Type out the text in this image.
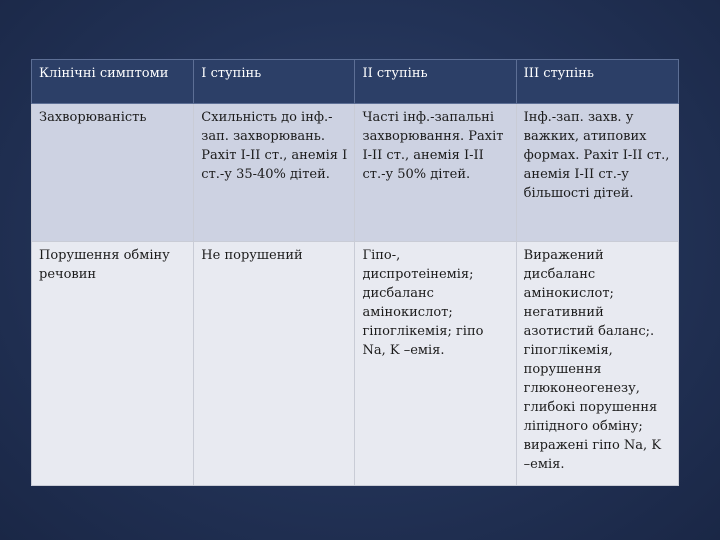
Клінічні симптоми	I ступінь	II ступінь	III ступінь
Захворюваність	Схильність до інф.-зап. захворювань. Рахіт I-II ст., анемія I ст.-у 35-40% дітей.	Часті інф.-запальні захворювання. Рахіт I-II ст., анемія I-II ст.-у 50% дітей.	Інф.-зап. захв. у важких, атипових формах. Рахіт I-II ст., анемія I-II ст.-у більшості дітей.
Порушення обміну речовин	Не порушений	Гіпо-, диспротеінемія; дисбаланс амінокислот; гіпоглікемія; гіпо Na, K –емія.	Виражений дисбаланс амінокислот; негативний азотистий баланс;. гіпоглікемія, порушення глюконеогенезу, глибокі порушення ліпідного обміну; виражені гіпо Na, K –емія.
